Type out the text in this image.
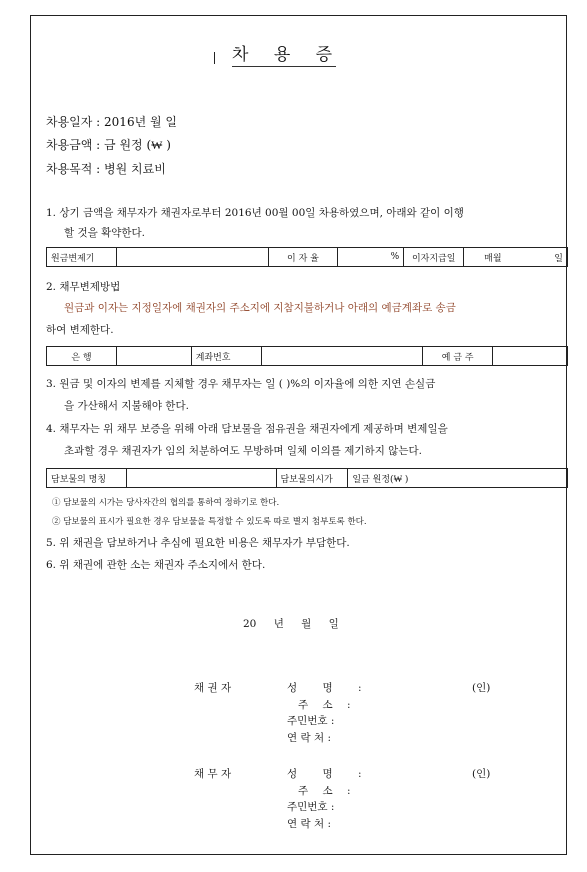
차 용 증
차용일자 : 2016년 월 일
차용금액 : 금 원정 (₩ )
차용목적 : 병원 치료비
1. 상기 금액을 채무자가 채권자로부터 2016년 00월 00일 차용하였으며, 아래와 같이 이행
할 것을 확약한다.
원금변제기		이 자 율	%	이자지급일	매월	일
2. 채무변제방법
원금과 이자는 지정일자에 채권자의 주소지에 지참지불하거나 아래의 예금계좌로 송금
하여 변제한다.
은 행		계좌번호		예 금 주	
3. 원금 및 이자의 변제를 지체할 경우 채무자는 일 ( )%의 이자율에 의한 지연 손실금
을 가산해서 지불해야 한다.
4. 채무자는 위 채무 보증을 위해 아래 담보물을 점유권을 채권자에게 제공하며 변제일을
초과할 경우 채권자가 임의 처분하여도 무방하며 일체 이의를 제기하지 않는다.
담보물의 명칭		담보물의시가	일금 원정(₩ )
① 담보물의 시가는 당사자간의 협의를 통하여 정하기로 한다.
② 담보물의 표시가 필요한 경우 담보물을 특정할 수 있도록 따로 별지 첨부토록 한다.
5. 위 채권을 담보하거나 추심에 필요한 비용은 채무자가 부담한다.
6. 위 채권에 관한 소는 채권자 주소지에서 한다.
20 년 월 일
채 권 자	성 명 :
주 소 :
주민번호 :
연 락 처 :
(인)
채 무 자	성 명 :
주 소 :
주민번호 :
연 락 처 :
(인)
